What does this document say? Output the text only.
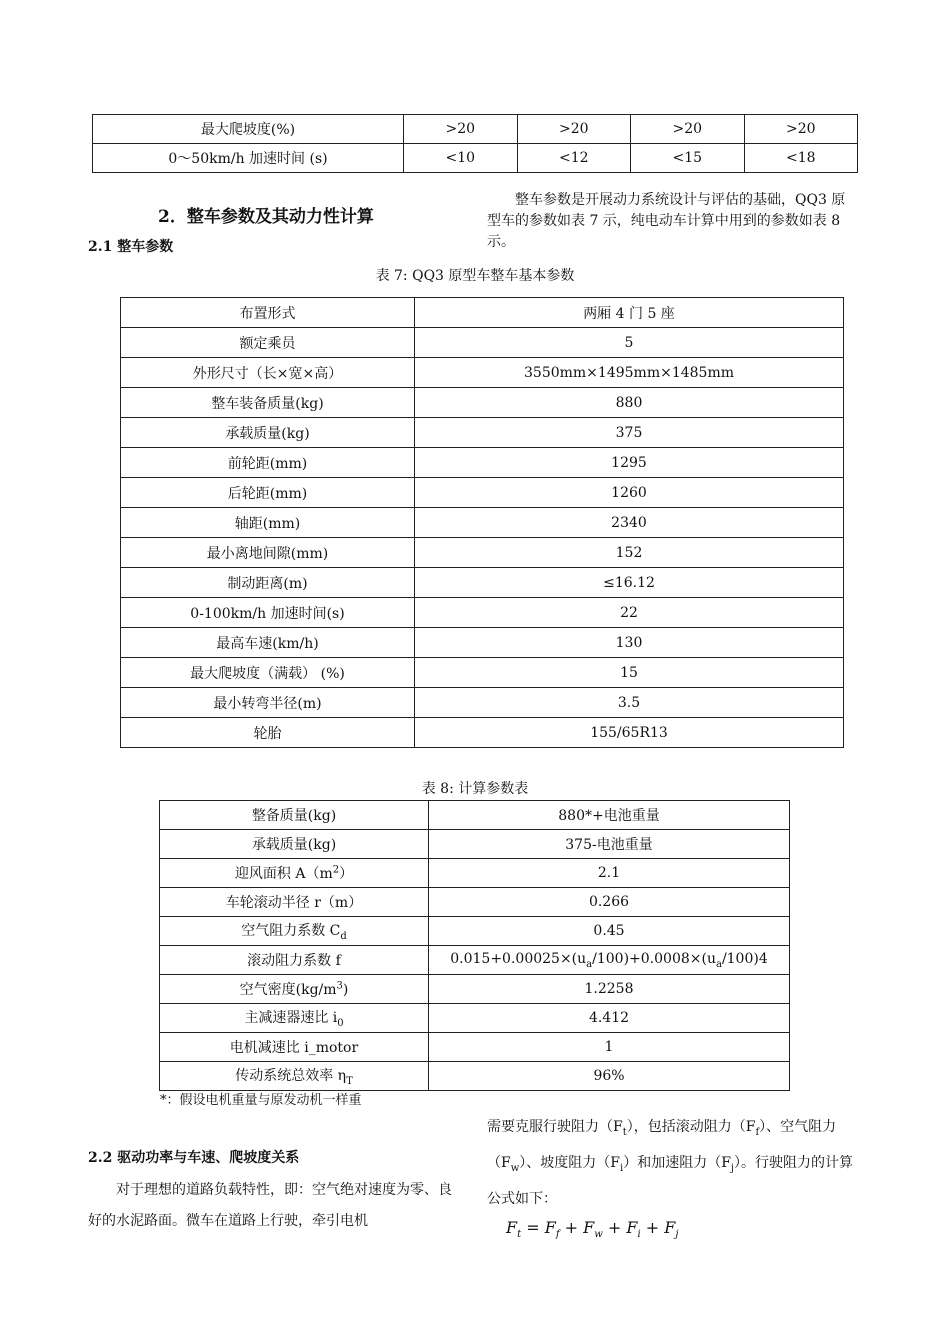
最大爬坡度(%)	>20	>20	>20	>20
0～50km/h 加速时间 (s)	<10	<12	<15	<18
2．整车参数及其动力性计算
2.1 整车参数
整车参数是开展动力系统设计与评估的基础，QQ3 原型车的参数如表 7 示，纯电动车计算中用到的参数如表 8 示。
表 7: QQ3 原型车整车基本参数
布置形式	两厢 4 门 5 座
额定乘员	5
外形尺寸（长×宽×高）	3550mm×1495mm×1485mm
整车装备质量(kg)	880
承载质量(kg)	375
前轮距(mm)	1295
后轮距(mm)	1260
轴距(mm)	2340
最小离地间隙(mm)	152
制动距离(m)	≤16.12
0-100km/h 加速时间(s)	22
最高车速(km/h)	130
最大爬坡度（满载） (%)	15
最小转弯半径(m)	3.5
轮胎	155/65R13
表 8: 计算参数表
整备质量(kg)	880*+电池重量
承载质量(kg)	375-电池重量
迎风面积 $A(m^2)$	2.1
车轮滚动半径 r（m）	0.266
空气阻力系数 $C_d$	0.45
滚动阻力系数 f	$0.015+0.00025\times(u_a/100)+0.0008\times(u_a/100)4$
空气密度$(kg/m^3)$	1.2258
主减速器速比 $i_0$	4.412
电机减速比 i_motor	1
传动系统总效率 $\eta_T$	96%
*：假设电机重量与原发动机一样重
2.2 驱动功率与车速、爬坡度关系
对于理想的道路负载特性，即：空气绝对速度为零、良好的水泥路面。微车在道路上行驶，牵引电机
需要克服行驶阻力$(F_t)$，包括滚动阻力$(F_f)$、空气阻力$(F_w)$、坡度阻力$(F_i)$和加速阻力$(F_j)$。行驶阻力的计算公式如下：
$F_t = F_f + F_w + F_i + F_j$
